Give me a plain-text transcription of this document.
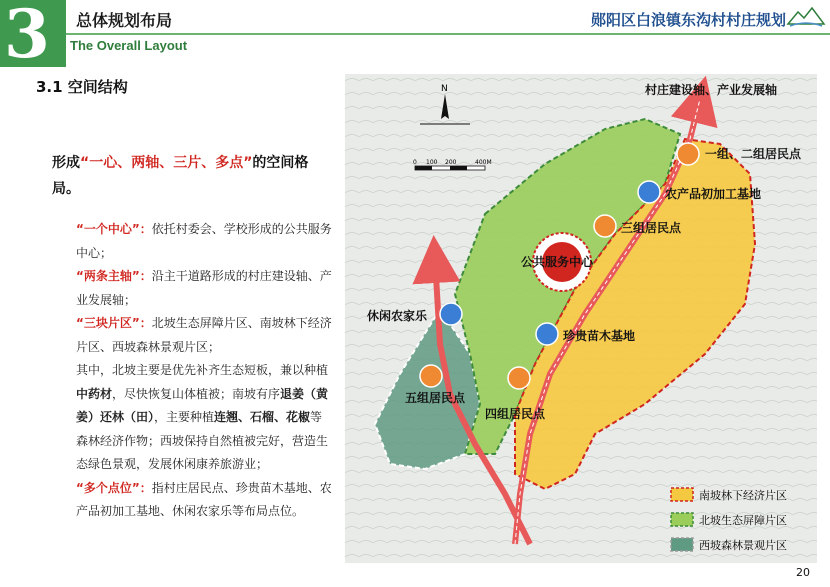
3 总体规划布局
The Overall Layout
郧阳区白浪镇东沟村村庄规划
3.1 空间结构
形成“一心、两轴、三片、多点”的空间格局。

“一个中心”：依托村委会、学校形成的公共服务中心；

“两条主轴”：沿主干道路形成的村庄建设轴、产业发展轴；

“三块片区”：北坡生态屏障片区、南坡林下经济片区、西坡森林景观片区；

其中，北坡主要是优先补齐生态短板，兼以种植中药材，尽快恢复山体植被；南坡有序退姜（黄姜）还林（田），主要种植连翘、石榴、花椒等森林经济作物；西坡保持自然植被完好，营造生态绿色景观，发展休闲康养旅游业；

“多个点位”：指村庄居民点、珍贵苗木基地、农产品初加工基地、休闲农家乐等布局点位。

村庄建设轴、产业发展轴
N
0 100 200	400M
公共服务中心
一组、二组居民点
农产品初加工基地
三组居民点
休闲农家乐
珍贵苗木基地
五组居民点
四组居民点
南坡林下经济片区
北坡生态屏障片区
西坡森林景观片区
20
